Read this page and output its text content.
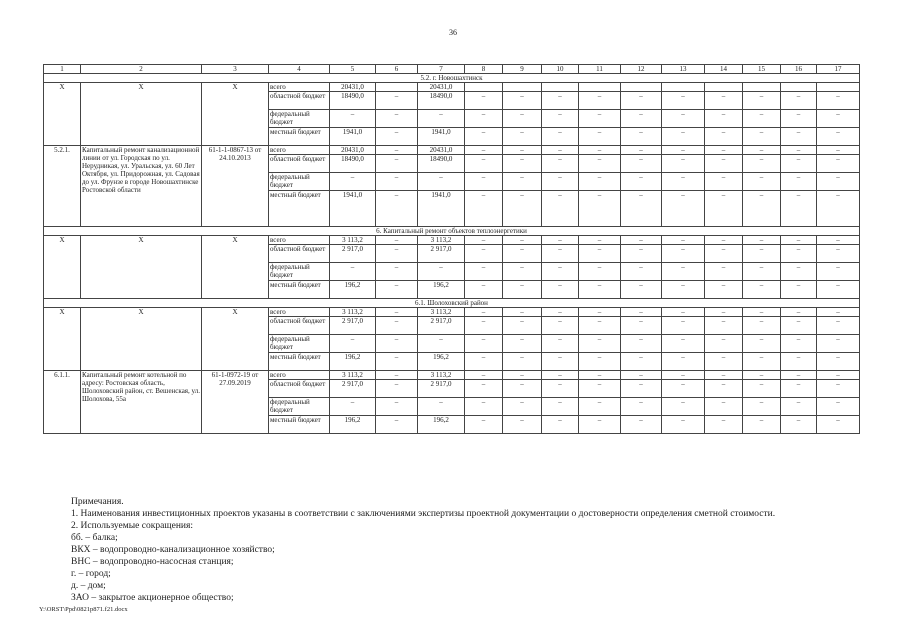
36
1	2	3	4	5	6	7	8	9	10	11	12	13	14	15	16	17
5.2. г. Новошахтинск																
X	X	X	всего	20431,0		20431,0										
			областной бюджет	18490,0	–	18490,0	–	–	–	–	–	–	–	–	–	–
			федеральный бюджет	–	–	–	–	–	–	–	–	–	–	–	–	–
			местный бюджет	1941,0	–	1941,0	–	–	–	–	–	–	–	–	–	–
5.2.1.	Капитальный ремонт канализационной линии от ул. Городская по ул. Нерудникая, ул. Уральская, ул. 60 Лет Октября, ул. Придорожная, ул. Садовая до ул. Фрунзе в городе Новошахтинске Ростовской области	61-1-1-0867-13 от 24.10.2013	всего	20431,0	–	20431,0	–	–	–	–	–	–	–	–	–	–
			областной бюджет	18490,0	–	18490,0	–	–	–	–	–	–	–	–	–	–
			федеральный бюджет	–	–	–	–	–	–	–	–	–	–	–	–	–
			местный бюджет	1941,0	–	1941,0	–	–	–	–	–	–	–	–	–	–
6. Капитальный ремонт объектов теплоэнергетики																
X	X	X	всего	3 113,2	–	3 113,2	–	–	–	–	–	–	–	–	–	–
			областной бюджет	2 917,0	–	2 917,0	–	–	–	–	–	–	–	–	–	–
			федеральный бюджет	–	–	–	–	–	–	–	–	–	–	–	–	–
			местный бюджет	196,2	–	196,2	–	–	–	–	–	–	–	–	–	–
6.1. Шолоховский район																
X	X	X	всего	3 113,2	–	3 113,2	–	–	–	–	–	–	–	–	–	–
			областной бюджет	2 917,0	–	2 917,0	–	–	–	–	–	–	–	–	–	–
			федеральный бюджет	–	–	–	–	–	–	–	–	–	–	–	–	–
			местный бюджет	196,2	–	196,2	–	–	–	–	–	–	–	–	–	–
6.1.1.	Капитальный ремонт котельной по адресу: Ростовская область, Шолоховский район, ст. Вешенская, ул. Шолохова, 55а	61-1-0972-19 от 27.09.2019	всего	3 113,2	–	3 113,2	–	–	–	–	–	–	–	–	–	–
			областной бюджет	2 917,0	–	2 917,0	–	–	–	–	–	–	–	–	–	–
			федеральный бюджет	–	–	–	–	–	–	–	–	–	–	–	–	–
			местный бюджет	196,2	–	196,2	–	–	–	–	–	–	–	–	–	–
Примечания.
1. Наименования инвестиционных проектов указаны в соответствии с заключениями экспертизы проектной документации о достоверности определения сметной стоимости.
2. Используемые сокращения:
бб. – балка;
ВКХ – водопроводно-канализационное хозяйство;
ВНС – водопроводно-насосная станция;
г. – город;
д. – дом;
ЗАО – закрытое акционерное общество;
Y:\ORST\Ppd\0821p871.f21.docx
